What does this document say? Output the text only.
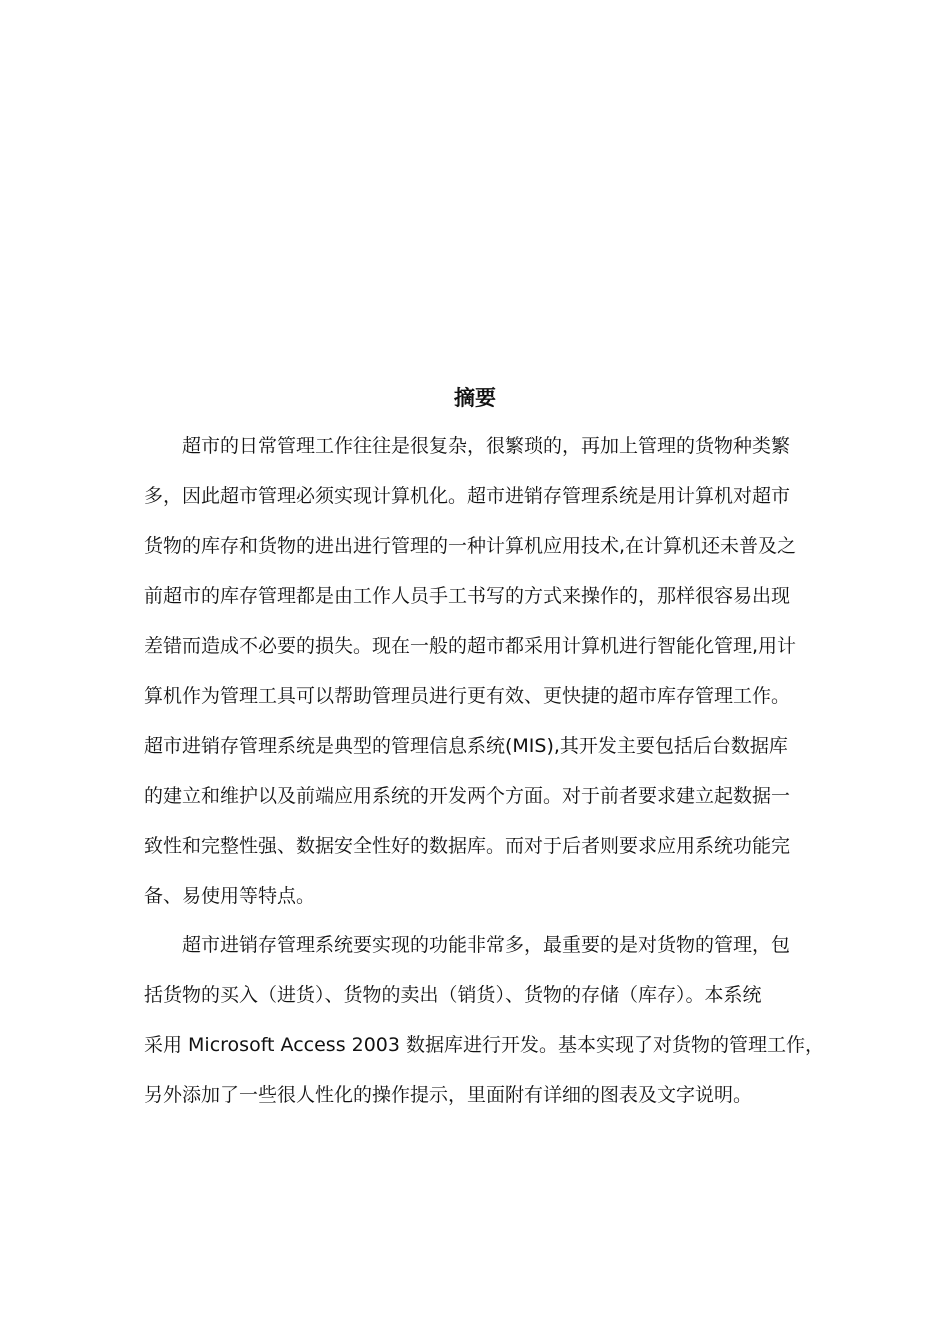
摘要
超市的日常管理工作往往是很复杂，很繁琐的，再加上管理的货物种类繁
多，因此超市管理必须实现计算机化。超市进销存管理系统是用计算机对超市
货物的库存和货物的进出进行管理的一种计算机应用技术,在计算机还未普及之
前超市的库存管理都是由工作人员手工书写的方式来操作的，那样很容易出现
差错而造成不必要的损失。现在一般的超市都采用计算机进行智能化管理,用计
算机作为管理工具可以帮助管理员进行更有效、更快捷的超市库存管理工作。
超市进销存管理系统是典型的管理信息系统(MIS),其开发主要包括后台数据库
的建立和维护以及前端应用系统的开发两个方面。对于前者要求建立起数据一
致性和完整性强、数据安全性好的数据库。而对于后者则要求应用系统功能完
备、易使用等特点。
超市进销存管理系统要实现的功能非常多，最重要的是对货物的管理，包
括货物的买入（进货）、货物的卖出（销货）、货物的存储（库存）。本系统
采用 Microsoft Access 2003 数据库进行开发。基本实现了对货物的管理工作，
另外添加了一些很人性化的操作提示，里面附有详细的图表及文字说明。
